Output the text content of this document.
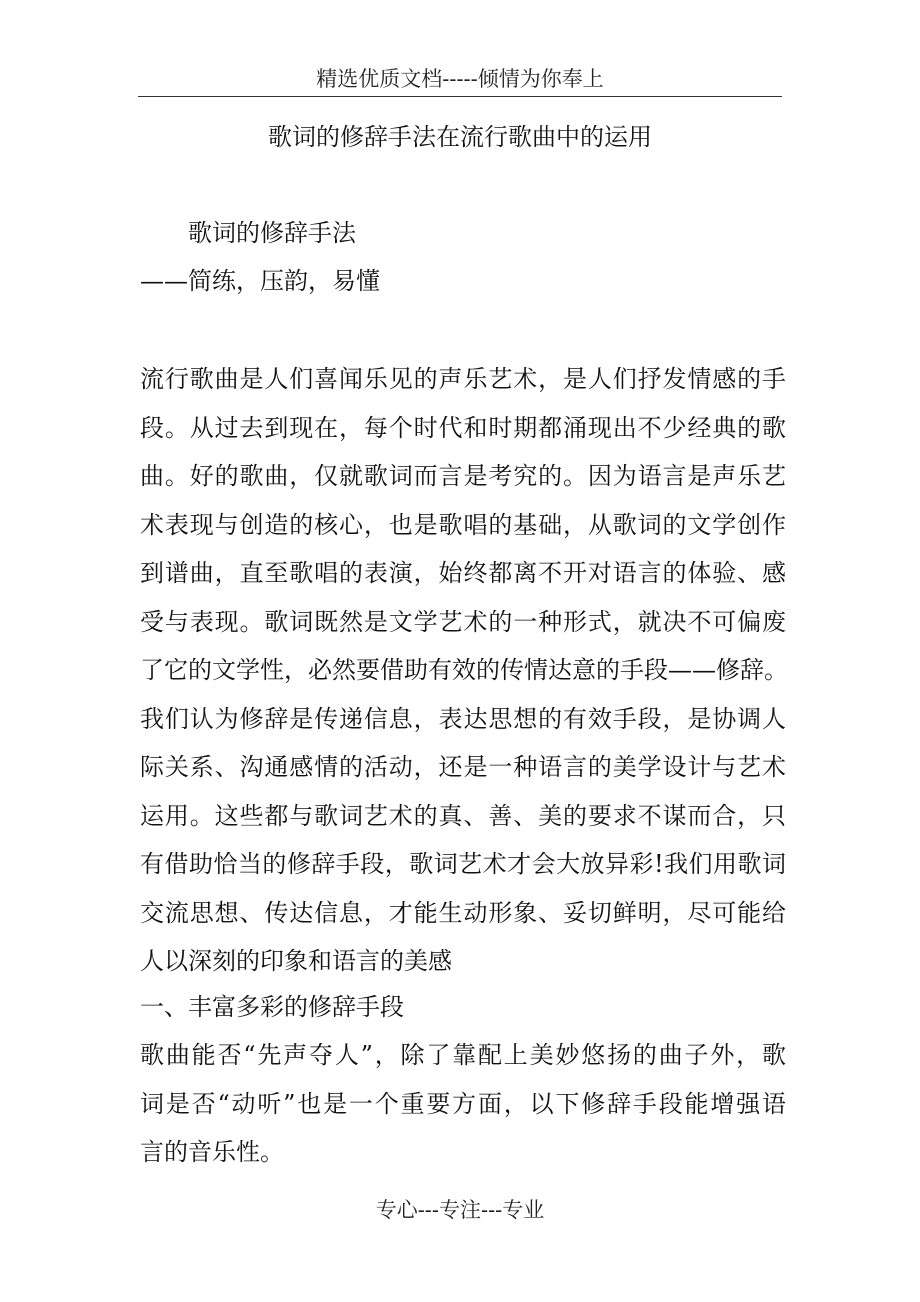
精选优质文档-----倾情为你奉上
歌词的修辞手法在流行歌曲中的运用
歌词的修辞手法
——简练，压韵，易懂
流行歌曲是人们喜闻乐见的声乐艺术，是人们抒发情感的手
段。从过去到现在，每个时代和时期都涌现出不少经典的歌
曲。好的歌曲，仅就歌词而言是考究的。因为语言是声乐艺
术表现与创造的核心，也是歌唱的基础，从歌词的文学创作
到谱曲，直至歌唱的表演，始终都离不开对语言的体验、感
受与表现。歌词既然是文学艺术的一种形式，就决不可偏废
了它的文学性，必然要借助有效的传情达意的手段——修辞。
我们认为修辞是传递信息，表达思想的有效手段，是协调人
际关系、沟通感情的活动，还是一种语言的美学设计与艺术
运用。这些都与歌词艺术的真、善、美的要求不谋而合，只
有借助恰当的修辞手段，歌词艺术才会大放异彩!我们用歌词
交流思想、传达信息，才能生动形象、妥切鲜明，尽可能给
人以深刻的印象和语言的美感
一、丰富多彩的修辞手段
歌曲能否“先声夺人”，除了靠配上美妙悠扬的曲子外，歌
词是否“动听”也是一个重要方面，以下修辞手段能增强语
言的音乐性。
专心---专注---专业
